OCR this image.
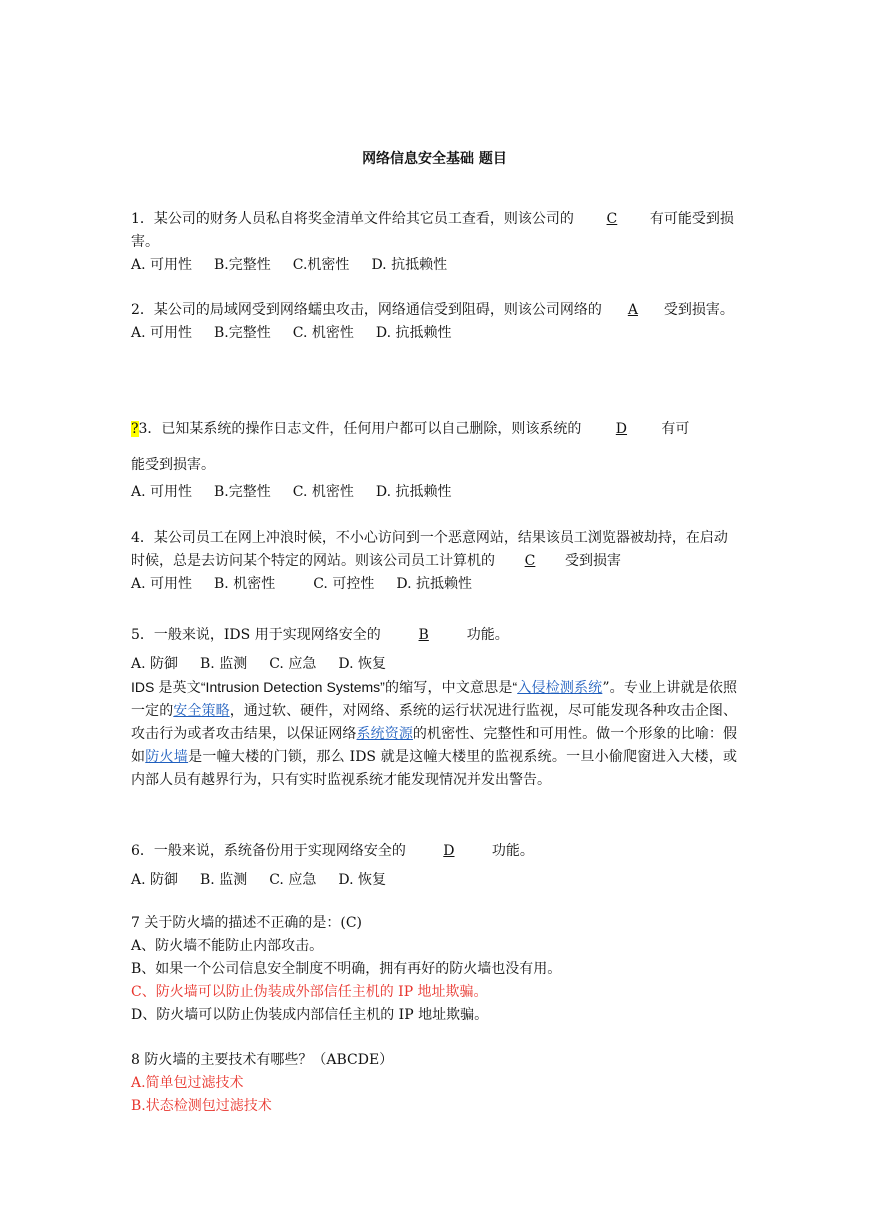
网络信息安全基础 题目
1．某公司的财务人员私自将奖金清单文件给其它员工查看，则该公司的 C 有可能受到损害。
A. 可用性 B.完整性 C.机密性 D. 抗抵赖性
2．某公司的局域网受到网络蠕虫攻击，网络通信受到阻碍，则该公司网络的 A 受到损害。
A. 可用性 B.完整性 C. 机密性 D. 抗抵赖性
?3．已知某系统的操作日志文件，任何用户都可以自己删除，则该系统的 D 有可
能受到损害。
A. 可用性 B.完整性 C. 机密性 D. 抗抵赖性
4．某公司员工在网上冲浪时候，不小心访问到一个恶意网站，结果该员工浏览器被劫持，在启动时候，总是去访问某个特定的网站。则该公司员工计算机的 C 受到损害
A. 可用性 B. 机密性	C. 可控性 D. 抗抵赖性
5．一般来说，IDS 用于实现网络安全的	B	功能。
A. 防御 B. 监测 C. 应急 D. 恢复
IDS 是英文“Intrusion Detection Systems”的缩写，中文意思是“入侵检测系统”。专业上讲就是依照一定的安全策略，通过软、硬件，对网络、系统的运行状况进行监视，尽可能发现各种攻击企图、攻击行为或者攻击结果，以保证网络系统资源的机密性、完整性和可用性。做一个形象的比喻：假如防火墙是一幢大楼的门锁，那么 IDS 就是这幢大楼里的监视系统。一旦小偷爬窗进入大楼，或内部人员有越界行为，只有实时监视系统才能发现情况并发出警告。
6．一般来说，系统备份用于实现网络安全的	D	功能。
A. 防御 B. 监测 C. 应急 D. 恢复
7 关于防火墙的描述不正确的是：(C)
A、防火墙不能防止内部攻击。
B、如果一个公司信息安全制度不明确，拥有再好的防火墙也没有用。
C、防火墙可以防止伪装成外部信任主机的 IP 地址欺骗。
D、防火墙可以防止伪装成内部信任主机的 IP 地址欺骗。
8 防火墙的主要技术有哪些？（ABCDE）
A.简单包过滤技术
B.状态检测包过滤技术
